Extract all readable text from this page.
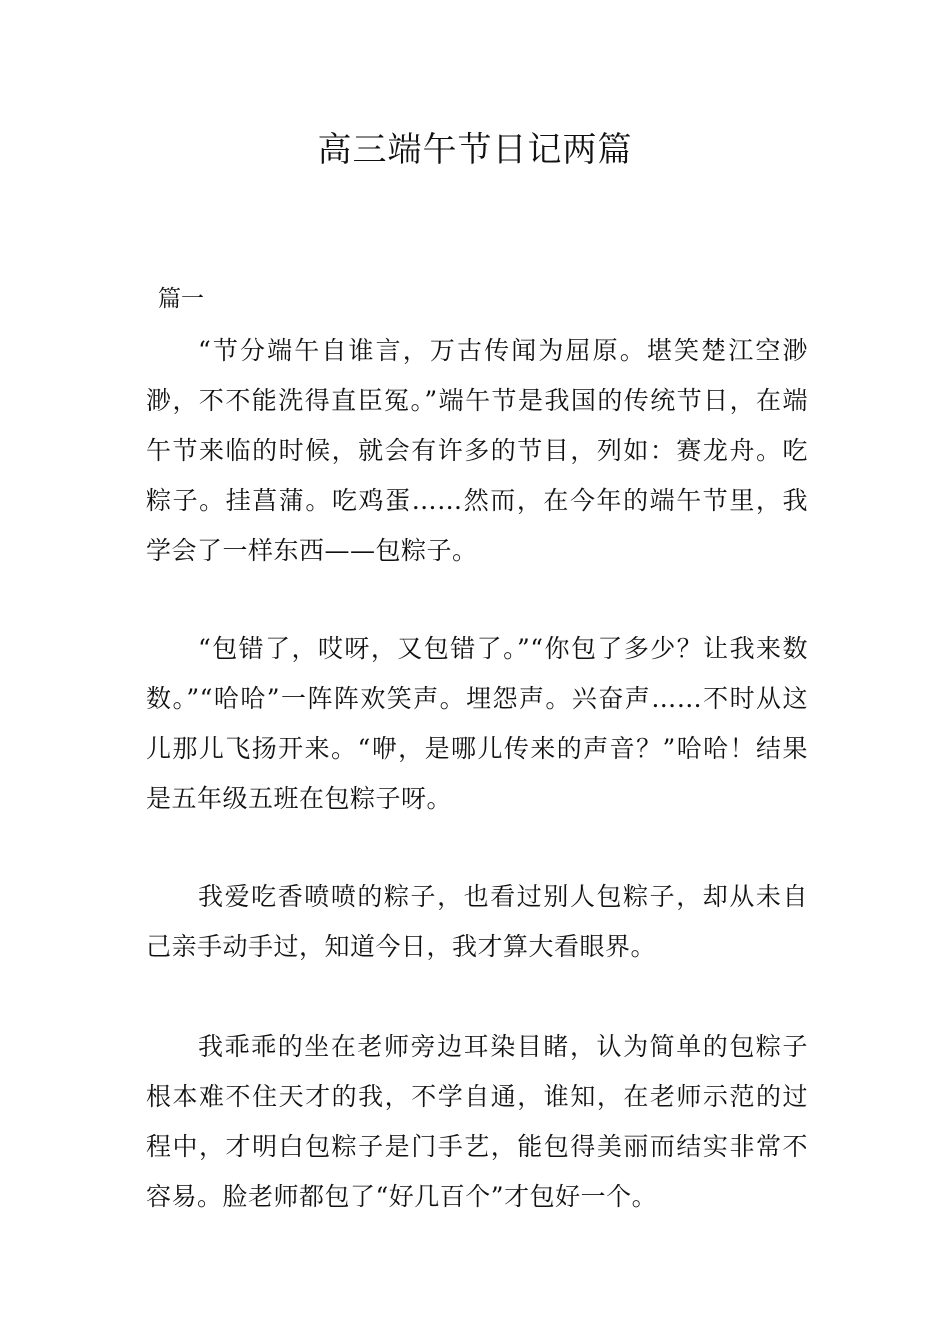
高三端午节日记两篇
篇一

“节分端午自谁言，万古传闻为屈原。堪笑楚江空渺渺，不不能洗得直臣冤。”端午节是我国的传统节日，在端午节来临的时候，就会有许多的节目，列如：赛龙舟。吃粽子。挂菖蒲。吃鸡蛋……然而，在今年的端午节里，我学会了一样东西——包粽子。

“包错了，哎呀，又包错了。”“你包了多少？让我来数数。”“哈哈”一阵阵欢笑声。埋怨声。兴奋声……不时从这儿那儿飞扬开来。“咿，是哪儿传来的声音？”哈哈！结果是五年级五班在包粽子呀。

我爱吃香喷喷的粽子，也看过别人包粽子，却从未自己亲手动手过，知道今日，我才算大看眼界。

我乖乖的坐在老师旁边耳染目睹，认为简单的包粽子根本难不住天才的我，不学自通，谁知，在老师示范的过程中，才明白包粽子是门手艺，能包得美丽而结实非常不容易。脸老师都包了“好几百个”才包好一个。
